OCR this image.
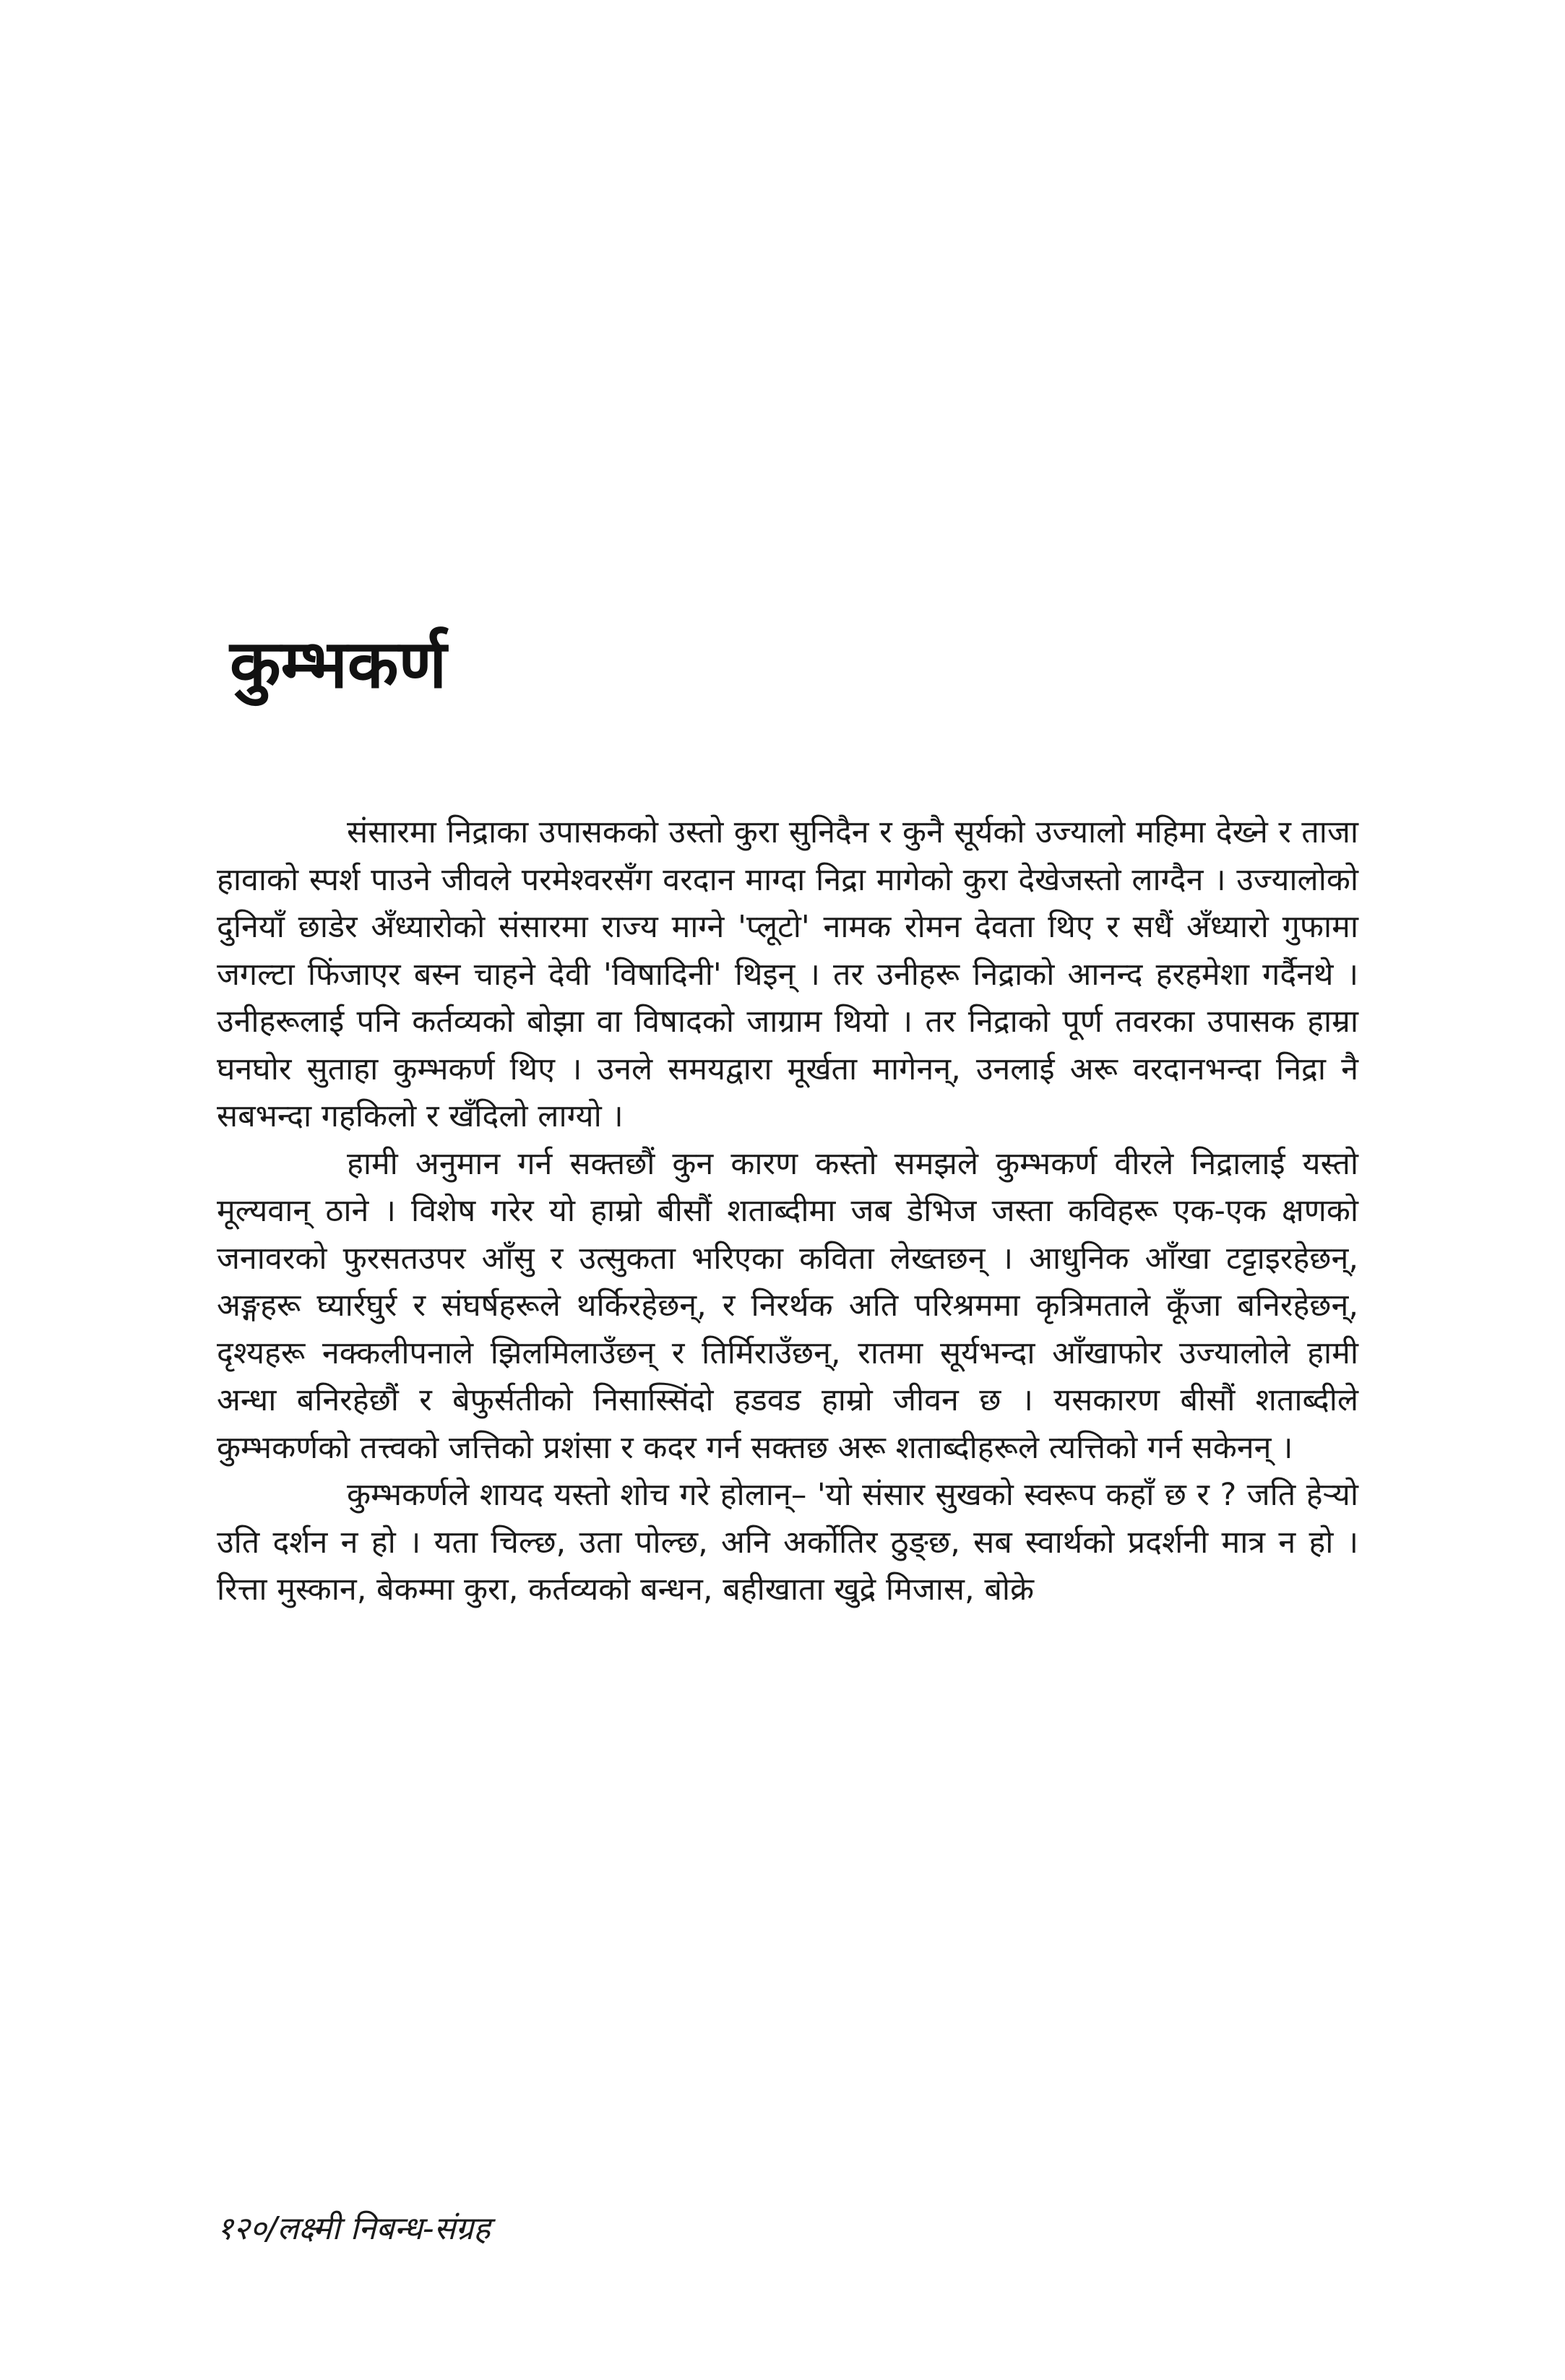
कुम्भकर्ण

संसारमा निद्राका उपासकको उस्तो कुरा सुनिदैन र कुनै सूर्यको उज्यालो महिमा देख्ने र ताजा हावाको स्पर्श पाउने जीवले परमेश्वरसँग वरदान माग्दा निद्रा मागेको कुरा देखेजस्तो लाग्दैन । उज्यालोको दुनियाँ छाडेर अँध्यारोको संसारमा राज्य माग्ने 'प्लूटो' नामक रोमन देवता थिए र सधैं अँध्यारो गुफामा जगल्टा फिंजाएर बस्न चाहने देवी 'विषादिनी' थिइन् । तर उनीहरू निद्राको आनन्द हरहमेशा गर्दैनथे । उनीहरूलाई पनि कर्तव्यको बोझा वा विषादको जाग्राम थियो । तर निद्राको पूर्ण तवरका उपासक हाम्रा घनघोर सुताहा कुम्भकर्ण थिए । उनले समयद्वारा मूर्खता मागेनन्, उनलाई अरू वरदानभन्दा निद्रा नै सबभन्दा गहकिलो र खँदिलो लाग्यो ।

हामी अनुमान गर्न सक्तछौं कुन कारण कस्तो समझले कुम्भकर्ण वीरले निद्रालाई यस्तो मूल्यवान् ठाने । विशेष गरेर यो हाम्रो बीसौं शताब्दीमा जब डेभिज जस्ता कविहरू एक-एक क्षणको जनावरको फुरसतउपर आँसु र उत्सुकता भरिएका कविता लेख्तछन् । आधुनिक आँखा टट्टाइरहेछन्, अङ्गहरू घ्यार्रघुर्र र संघर्षहरूले थर्किरहेछन्, र निरर्थक अति परिश्रममा कृत्रिमताले कूँजा बनिरहेछन्, दृश्यहरू नक्कलीपनाले झिलमिलाउँछन् र तिर्मिराउँछन्, रातमा सूर्यभन्दा आँखाफोर उज्यालोले हामी अन्धा बनिरहेछौं र बेफुर्सतीको निसास्सिंदो हडवड हाम्रो जीवन छ । यसकारण बीसौं शताब्दीले कुम्भकर्णको तत्त्वको जत्तिको प्रशंसा र कदर गर्न सक्तछ अरू शताब्दीहरूले त्यत्तिको गर्न सकेनन् ।

कुम्भकर्णले शायद यस्तो शोच गरे होलान्– 'यो संसार सुखको स्वरूप कहाँ छ र ? जति हेर्‍यो उति दर्शन न हो । यता चिल्छ, उता पोल्छ, अनि अर्कोतिर ठुङ्छ, सब स्वार्थको प्रदर्शनी मात्र न हो । रित्ता मुस्कान, बेकम्मा कुरा, कर्तव्यको बन्धन, बहीखाता खुद्रे मिजास, बोक्रे

१२०/लक्ष्मी निबन्ध-संग्रह
